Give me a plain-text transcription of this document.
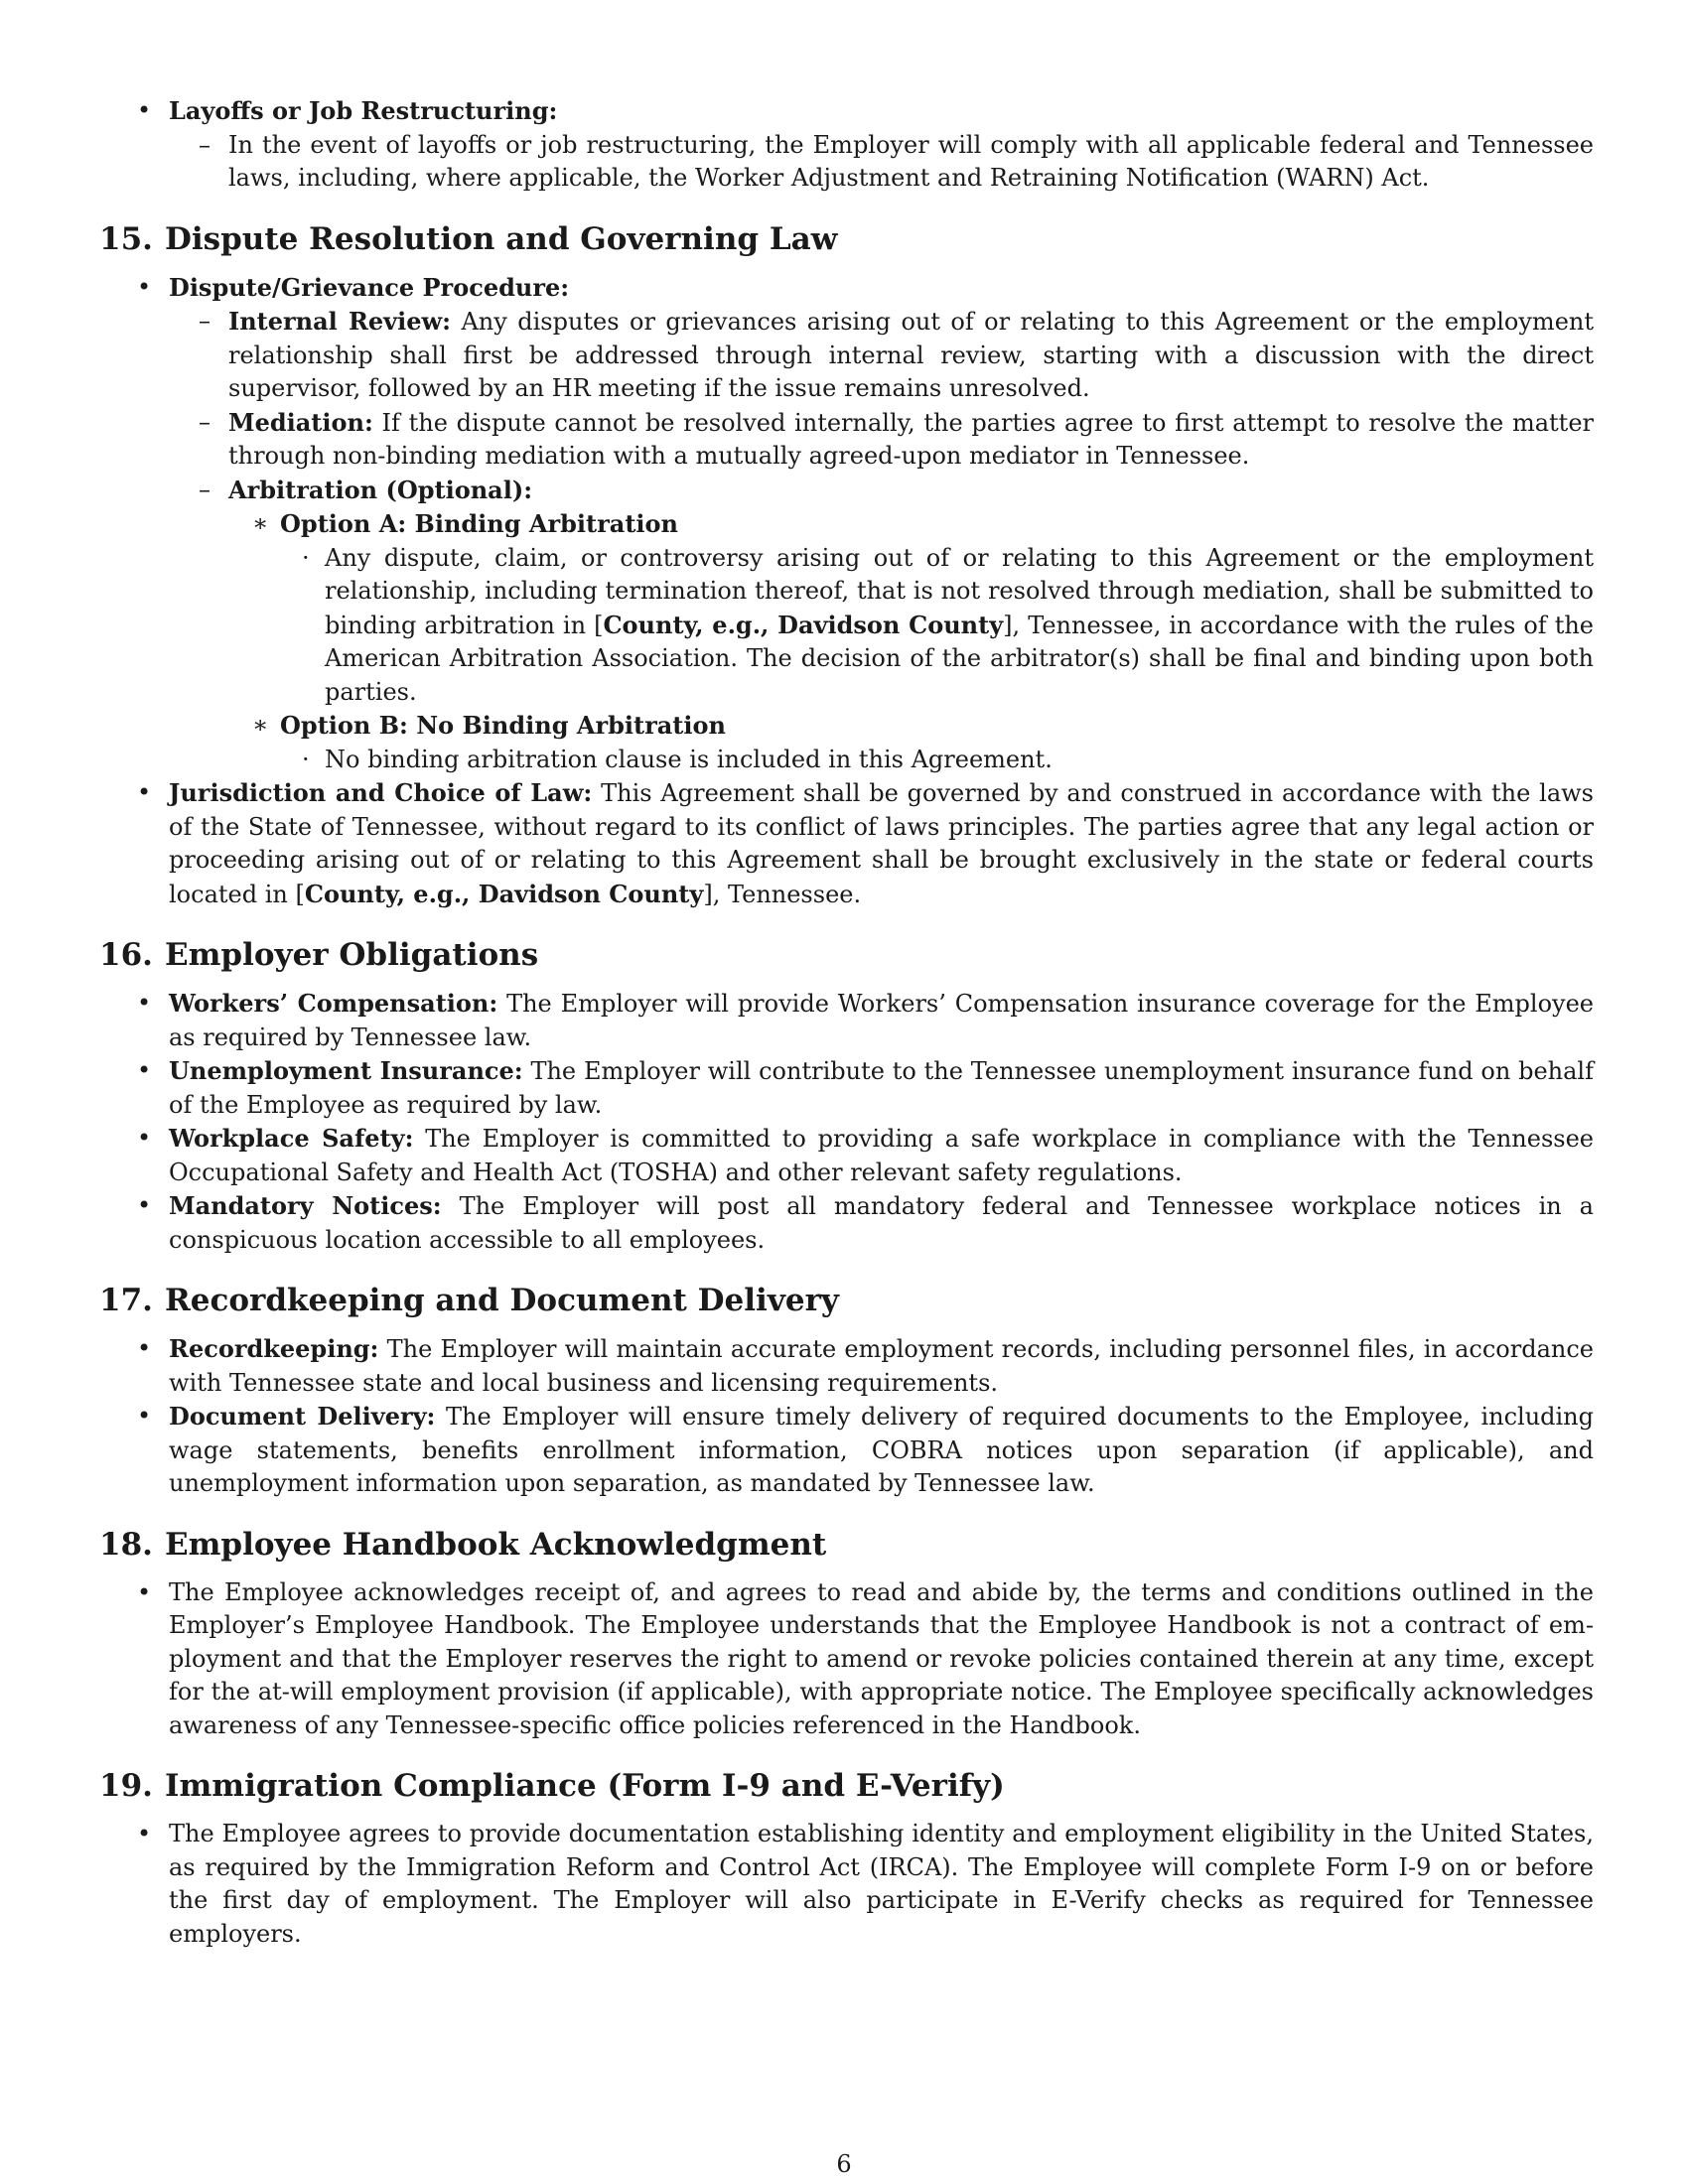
• Layoffs or Job Restructuring:
– In the event of layoffs or job restructuring, the Employer will comply with all applicable federal and Tennessee laws, including, where applicable, the Worker Adjustment and Retraining Notification (WARN) Act.
15. Dispute Resolution and Governing Law
• Dispute/Grievance Procedure:
– Internal Review: Any disputes or grievances arising out of or relating to this Agreement or the employment relationship shall first be addressed through internal review, starting with a discussion with the direct supervisor, followed by an HR meeting if the issue remains unresolved.
– Mediation: If the dispute cannot be resolved internally, the parties agree to first attempt to resolve the matter through non-binding mediation with a mutually agreed-upon mediator in Tennessee.
– Arbitration (Optional):
∗ Option A: Binding Arbitration
· Any dispute, claim, or controversy arising out of or relating to this Agreement or the employment relationship, including termination thereof, that is not resolved through mediation, shall be submitted to binding arbitration in [County, e.g., Davidson County], Tennessee, in accordance with the rules of the American Arbitration Association. The decision of the arbitrator(s) shall be final and binding upon both parties.
∗ Option B: No Binding Arbitration
· No binding arbitration clause is included in this Agreement.
• Jurisdiction and Choice of Law: This Agreement shall be governed by and construed in accordance with the laws of the State of Tennessee, without regard to its conflict of laws principles. The parties agree that any legal action or proceeding arising out of or relating to this Agreement shall be brought exclusively in the state or federal courts located in [County, e.g., Davidson County], Tennessee.
16. Employer Obligations
• Workers’ Compensation: The Employer will provide Workers’ Compensation insurance coverage for the Employee as required by Tennessee law.
• Unemployment Insurance: The Employer will contribute to the Tennessee unemployment insurance fund on behalf of the Employee as required by law.
• Workplace Safety: The Employer is committed to providing a safe workplace in compliance with the Tennessee Occupational Safety and Health Act (TOSHA) and other relevant safety regulations.
• Mandatory Notices: The Employer will post all mandatory federal and Tennessee workplace notices in a conspicuous location accessible to all employees.
17. Recordkeeping and Document Delivery
• Recordkeeping: The Employer will maintain accurate employment records, including personnel files, in accordance with Tennessee state and local business and licensing requirements.
• Document Delivery: The Employer will ensure timely delivery of required documents to the Employee, including wage statements, benefits enrollment information, COBRA notices upon separation (if applicable), and unemployment information upon separation, as mandated by Tennessee law.
18. Employee Handbook Acknowledgment
• The Employee acknowledges receipt of, and agrees to read and abide by, the terms and conditions outlined in the Employer’s Employee Handbook. The Employee understands that the Employee Handbook is not a contract of employment and that the Employer reserves the right to amend or revoke policies contained therein at any time, except for the at-will employment provision (if applicable), with appropriate notice. The Employee specifically acknowledges awareness of any Tennessee-specific office policies referenced in the Handbook.
19. Immigration Compliance (Form I-9 and E-Verify)
• The Employee agrees to provide documentation establishing identity and employment eligibility in the United States, as required by the Immigration Reform and Control Act (IRCA). The Employee will complete Form I-9 on or before the first day of employment. The Employer will also participate in E-Verify checks as required for Tennessee employers.
6
